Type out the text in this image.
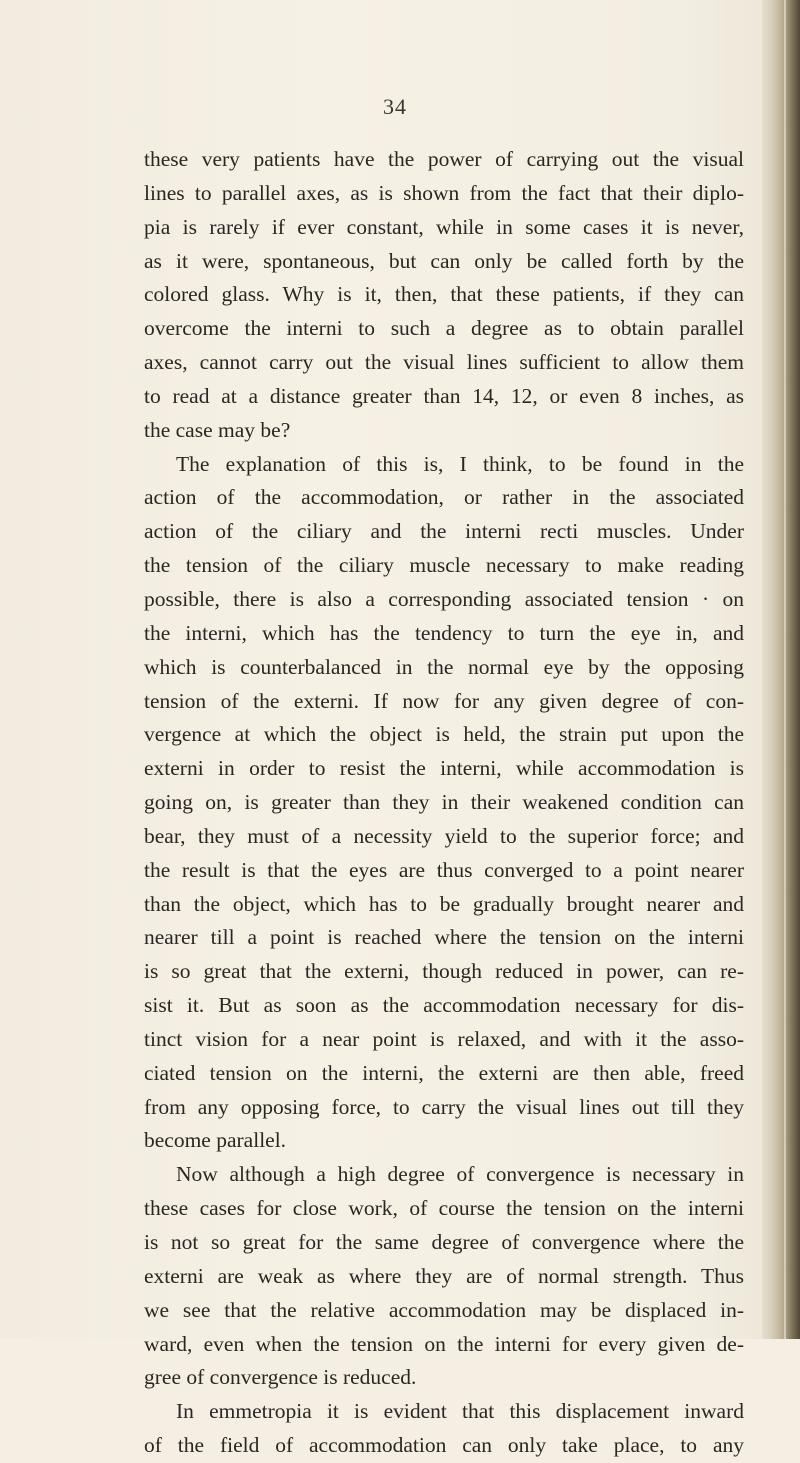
34
these very patients have the power of carrying out the visual
lines to parallel axes, as is shown from the fact that their diplo-
pia is rarely if ever constant, while in some cases it is never,
as it were, spontaneous, but can only be called forth by the
colored glass. Why is it, then, that these patients, if they can
overcome the interni to such a degree as to obtain parallel
axes, cannot carry out the visual lines sufficient to allow them
to read at a distance greater than 14, 12, or even 8 inches, as
the case may be?
The explanation of this is, I think, to be found in the
action of the accommodation, or rather in the associated
action of the ciliary and the interni recti muscles. Under
the tension of the ciliary muscle necessary to make reading
possible, there is also a corresponding associated tension · on
the interni, which has the tendency to turn the eye in, and
which is counterbalanced in the normal eye by the opposing
tension of the externi. If now for any given degree of con-
vergence at which the object is held, the strain put upon the
externi in order to resist the interni, while accommodation is
going on, is greater than they in their weakened condition can
bear, they must of a necessity yield to the superior force; and
the result is that the eyes are thus converged to a point nearer
than the object, which has to be gradually brought nearer and
nearer till a point is reached where the tension on the interni
is so great that the externi, though reduced in power, can re-
sist it. But as soon as the accommodation necessary for dis-
tinct vision for a near point is relaxed, and with it the asso-
ciated tension on the interni, the externi are then able, freed
from any opposing force, to carry the visual lines out till they
become parallel.
Now although a high degree of convergence is necessary in
these cases for close work, of course the tension on the interni
is not so great for the same degree of convergence where the
externi are weak as where they are of normal strength. Thus
we see that the relative accommodation may be displaced in-
ward, even when the tension on the interni for every given de-
gree of convergence is reduced.
In emmetropia it is evident that this displacement inward
of the field of accommodation can only take place, to any
